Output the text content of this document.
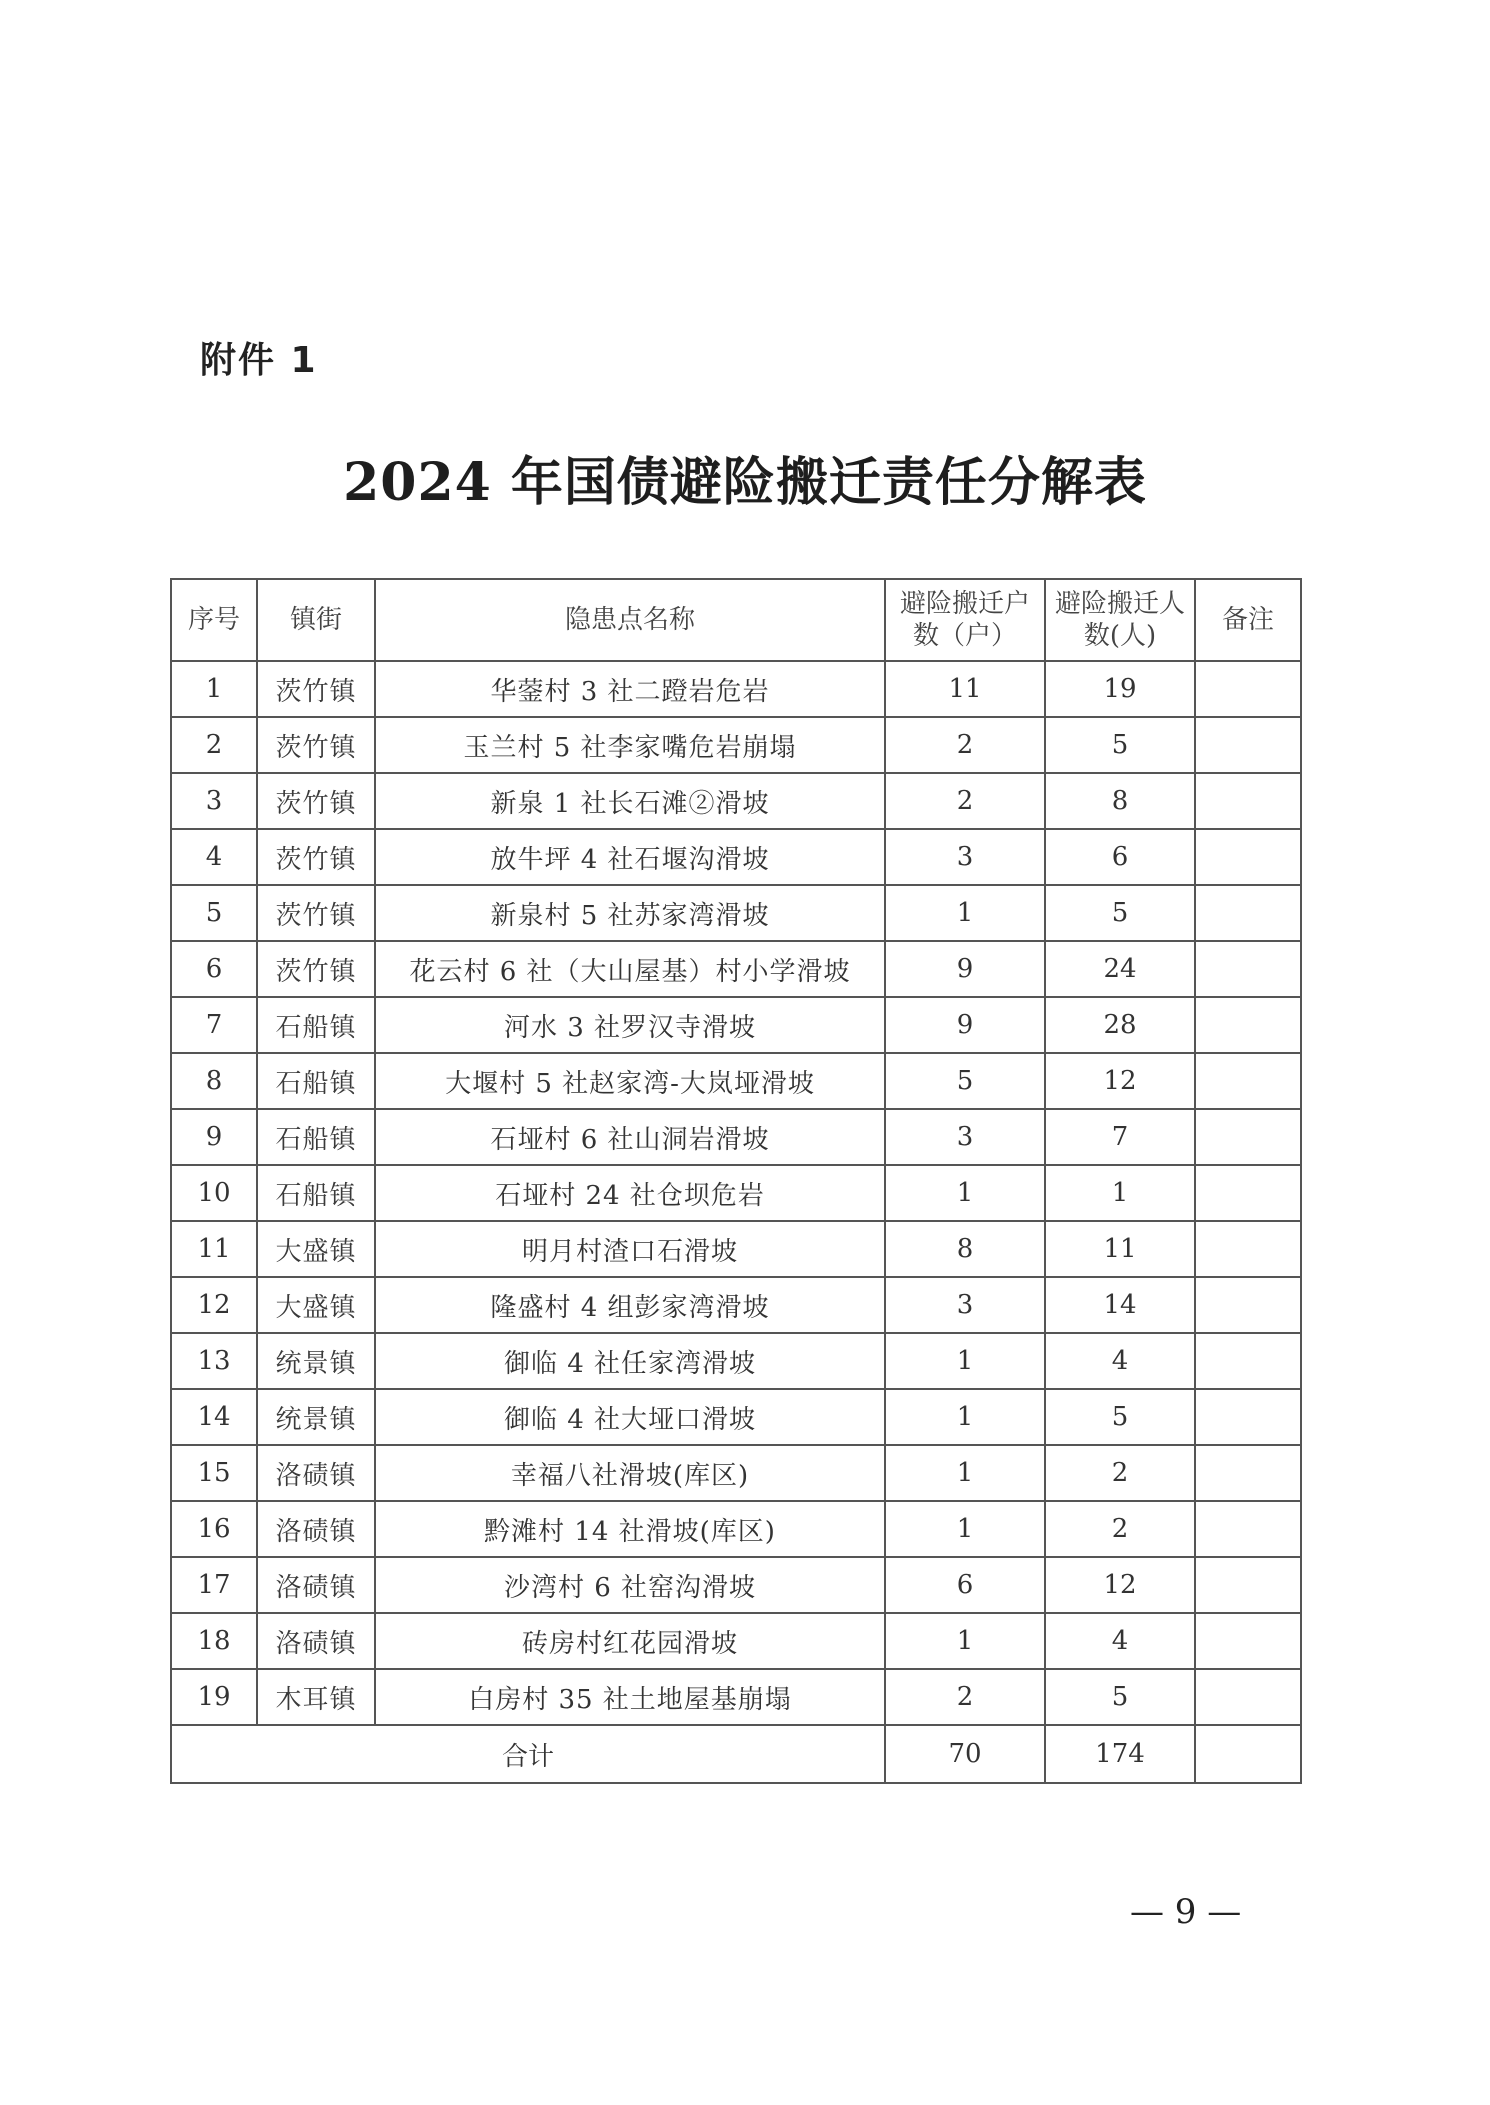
附件 1
2024 年国债避险搬迁责任分解表
序号	镇街	隐患点名称	避险搬迁户数（户）	避险搬迁人数(人)	备注
1	茨竹镇	华蓥村 3 社二蹬岩危岩	11	19	
2	茨竹镇	玉兰村 5 社李家嘴危岩崩塌	2	5	
3	茨竹镇	新泉 1 社长石滩②滑坡	2	8	
4	茨竹镇	放牛坪 4 社石堰沟滑坡	3	6	
5	茨竹镇	新泉村 5 社苏家湾滑坡	1	5	
6	茨竹镇	花云村 6 社（大山屋基）村小学滑坡	9	24	
7	石船镇	河水 3 社罗汉寺滑坡	9	28	
8	石船镇	大堰村 5 社赵家湾-大岚垭滑坡	5	12	
9	石船镇	石垭村 6 社山洞岩滑坡	3	7	
10	石船镇	石垭村 24 社仓坝危岩	1	1	
11	大盛镇	明月村渣口石滑坡	8	11	
12	大盛镇	隆盛村 4 组彭家湾滑坡	3	14	
13	统景镇	御临 4 社任家湾滑坡	1	4	
14	统景镇	御临 4 社大垭口滑坡	1	5	
15	洛碛镇	幸福八社滑坡(库区)	1	2	
16	洛碛镇	黔滩村 14 社滑坡(库区)	1	2	
17	洛碛镇	沙湾村 6 社窑沟滑坡	6	12	
18	洛碛镇	砖房村红花园滑坡	1	4	
19	木耳镇	白房村 35 社土地屋基崩塌	2	5	
合计			70	174	
— 9 —
